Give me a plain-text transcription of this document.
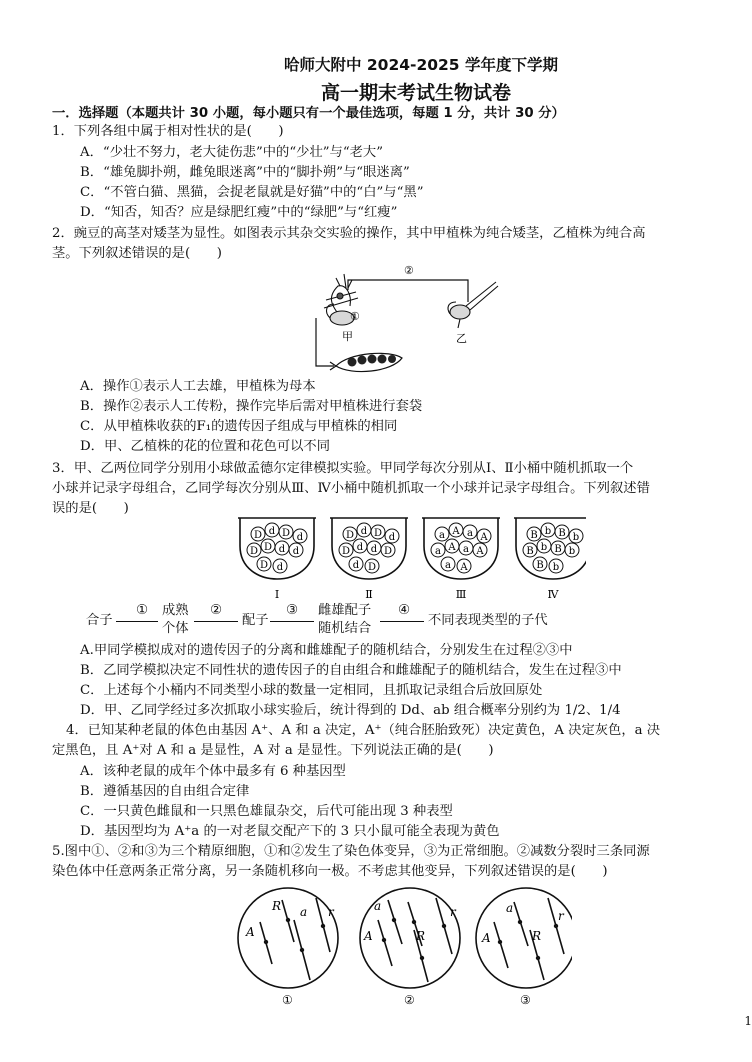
哈师大附中 2024-2025 学年度下学期
高一期末考试生物试卷
一．选择题（本题共计 30 小题，每小题只有一个最佳选项，每题 1 分，共计 30 分）
1．下列各组中属于相对性状的是(　　)
A．“少壮不努力，老大徒伤悲”中的“少壮”与“老大”
B．“雄兔脚扑朔，雌兔眼迷离”中的“脚扑朔”与“眼迷离”
C．“不管白猫、黑猫，会捉老鼠就是好猫”中的“白”与“黑”
D．“知否，知否？应是绿肥红瘦”中的“绿肥”与“红瘦”
2．豌豆的高茎对矮茎为显性。如图表示其杂交实验的操作，其中甲植株为纯合矮茎，乙植株为纯合高
茎。下列叙述错误的是(　　)
①
甲
②
乙
A．操作①表示人工去雄，甲植株为母本
B．操作②表示人工传粉，操作完毕后需对甲植株进行套袋
C．从甲植株收获的F₁的遗传因子组成与甲植株的相同
D．甲、乙植株的花的位置和花色可以不同
3．甲、乙两位同学分别用小球做孟德尔定律模拟实验。甲同学每次分别从Ⅰ、Ⅱ小桶中随机抓取一个
小球并记录字母组合，乙同学每次分别从Ⅲ、Ⅳ小桶中随机抓取一个小球并记录字母组合。下列叙述错
误的是(　　)
D d D d
D D d d
D d
Ⅰ
D d D d
D d d D
d D
Ⅱ
a A a A
a A a A
a A
Ⅲ
B b B b
B b B b
B b
Ⅳ
合子
① 成熟
个体
②
配子
③ 雌雄配子
随机结合
④
不同表现类型的子代
A.甲同学模拟成对的遗传因子的分离和雌雄配子的随机结合，分别发生在过程②③中
B．乙同学模拟决定不同性状的遗传因子的自由组合和雌雄配子的随机结合，发生在过程③中
C．上述每个小桶内不同类型小球的数量一定相同，且抓取记录组合后放回原处
D．甲、乙同学经过多次抓取小球实验后，统计得到的 Dd、ab 组合概率分别约为 1/2、1/4
4．已知某种老鼠的体色由基因 A⁺、A 和 a 决定，A⁺（纯合胚胎致死）决定黄色，A 决定灰色，a 决
定黑色，且 A⁺对 A 和 a 是显性，A 对 a 是显性。下列说法正确的是(　　)
A．该种老鼠的成年个体中最多有 6 种基因型
B．遵循基因的自由组合定律
C．一只黄色雌鼠和一只黑色雄鼠杂交，后代可能出现 3 种表型
D．基因型均为 A⁺a 的一对老鼠交配产下的 3 只小鼠可能全表现为黄色
5.图中①、②和③为三个精原细胞，①和②发生了染色体变异，③为正常细胞。②减数分裂时三条同源
染色体中任意两条正常分离，另一条随机移向一极。不考虑其他变异，下列叙述错误的是(　　)
R
A
a r
①
a
A	R
r
②
a
A	R
r
③
1
